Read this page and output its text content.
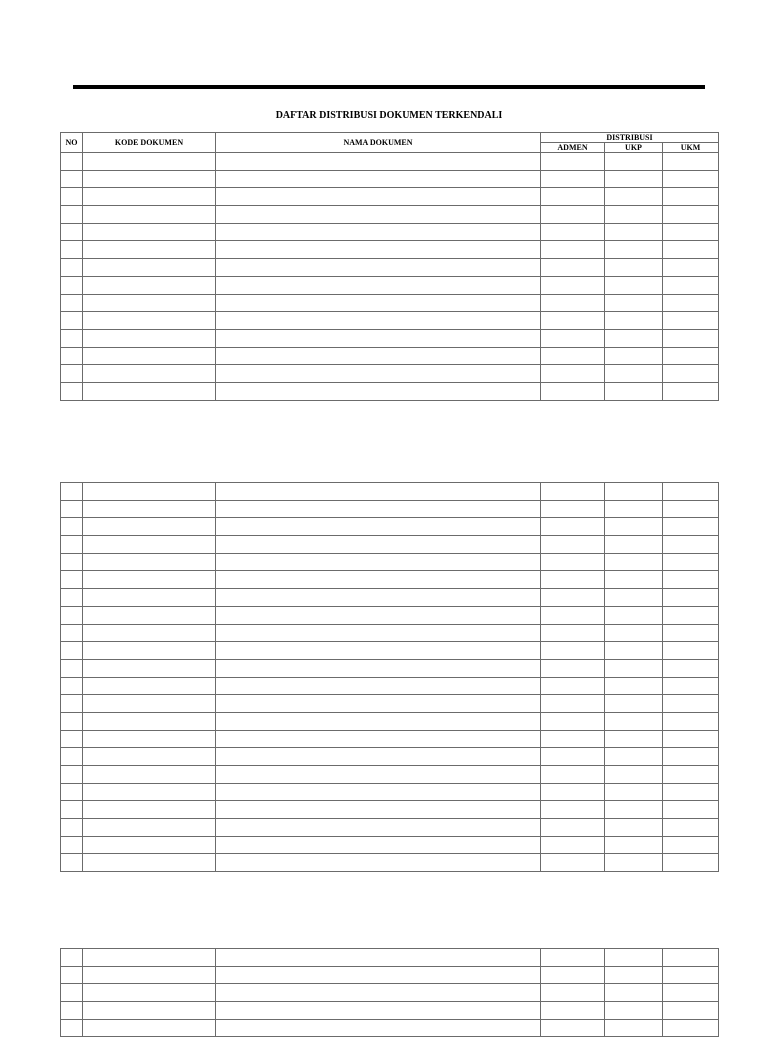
DAFTAR DISTRIBUSI DOKUMEN TERKENDALI
NO	KODE DOKUMEN	NAMA DOKUMEN	DISTRIBUSI		
			ADMEN	UKP	UKM
